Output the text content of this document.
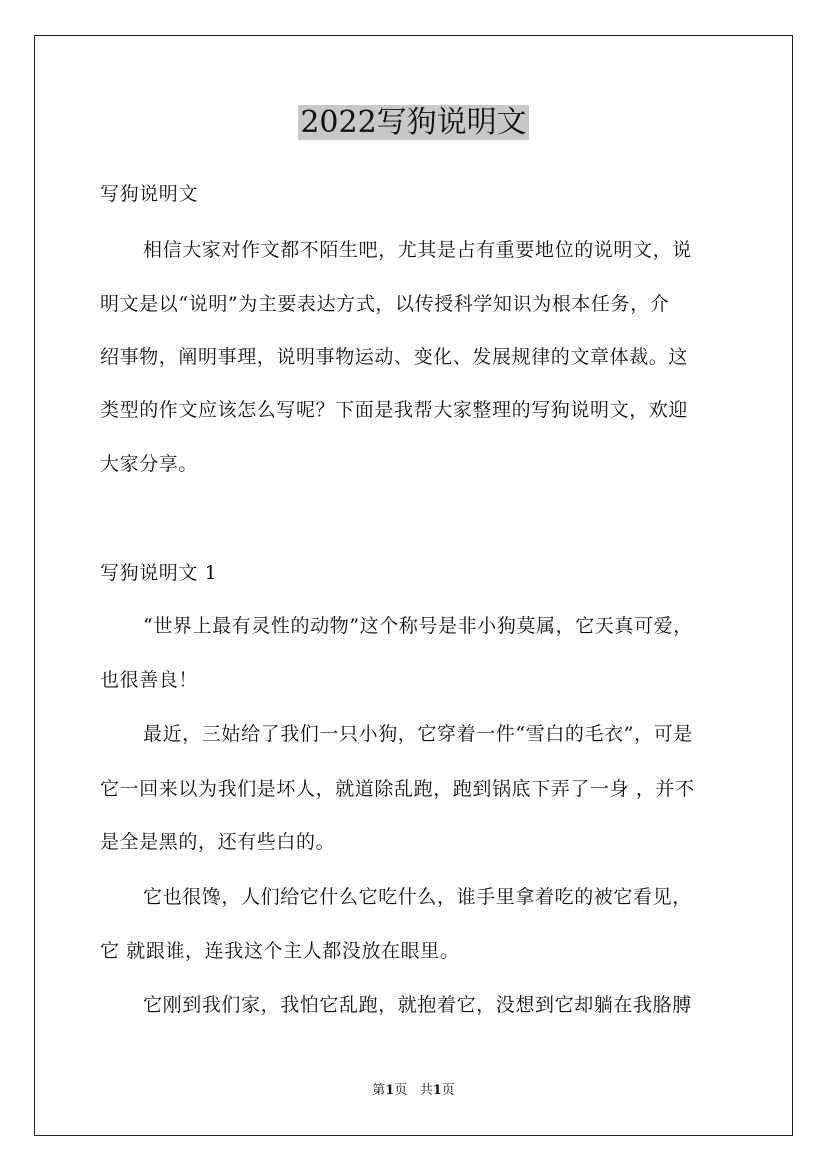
2022写狗说明文

写狗说明文

相信大家对作文都不陌生吧，尤其是占有重要地位的说明文，说

明文是以“说明”为主要表达方式，以传授科学知识为根本任务，介

绍事物，阐明事理，说明事物运动、变化、发展规律的文章体裁。这

类型的作文应该怎么写呢？下面是我帮大家整理的写狗说明文，欢迎

大家分享。

写狗说明文 1

“世界上最有灵性的动物”这个称号是非小狗莫属，它天真可爱，

也很善良！

最近，三姑给了我们一只小狗，它穿着一件“雪白的毛衣”，可是

它一回来以为我们是坏人，就道除乱跑，跑到锅底下弄了一身 ，并不

是全是黑的，还有些白的。

它也很馋，人们给它什么它吃什么，谁手里拿着吃的被它看见，

它 就跟谁，连我这个主人都没放在眼里。

它刚到我们家，我怕它乱跑，就抱着它，没想到它却躺在我胳膊

第1页 共1页
